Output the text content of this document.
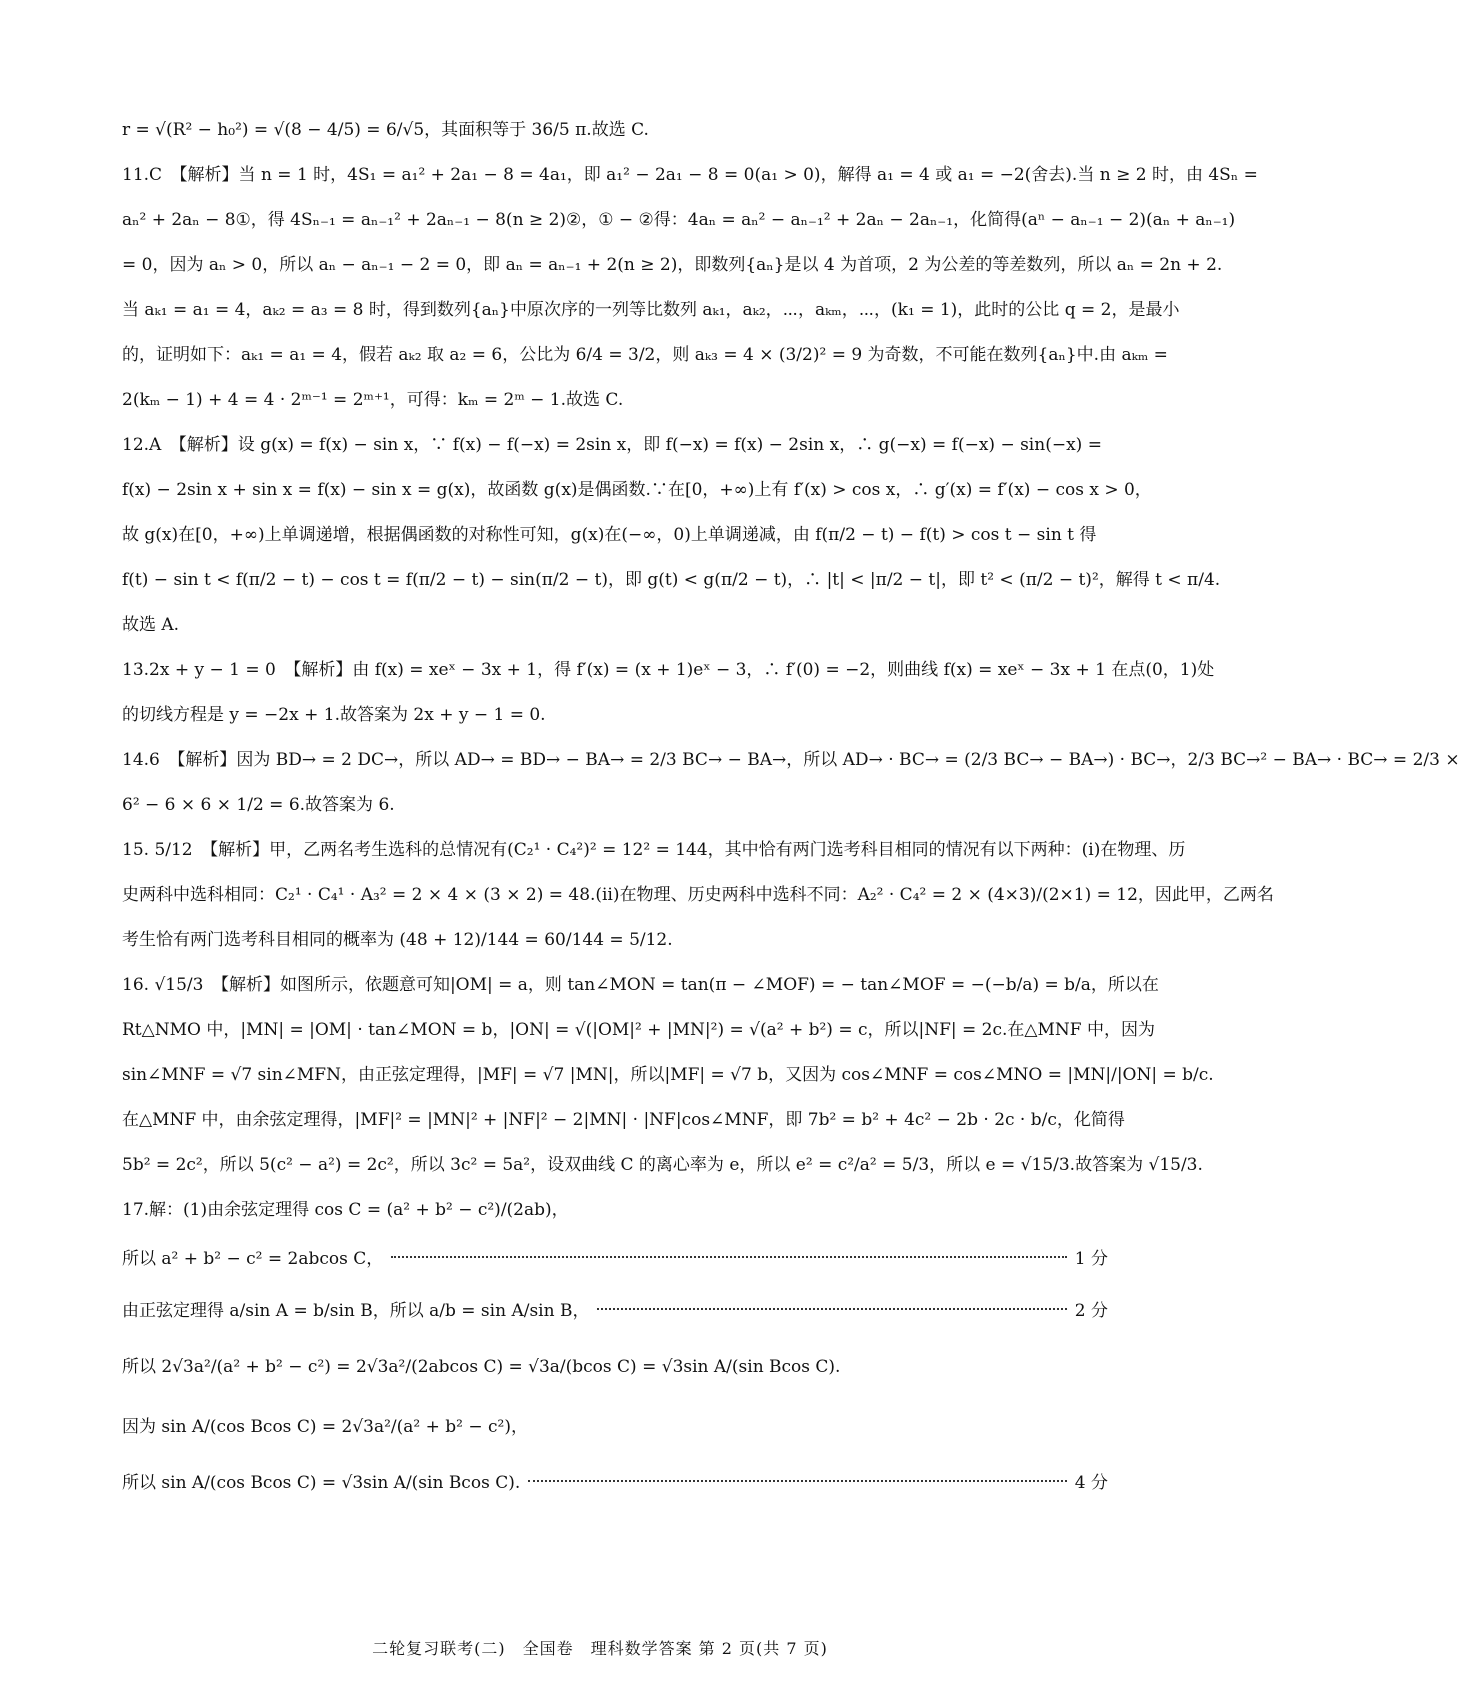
r = √(R² − h₀²) = √(8 − 4/5) = 6/√5，其面积等于 36/5 π.故选 C.
11.C　【解析】当 n = 1 时，4S₁ = a₁² + 2a₁ − 8 = 4a₁，即 a₁² − 2a₁ − 8 = 0(a₁ > 0)，解得 a₁ = 4 或 a₁ = −2(舍去).当 n ≥ 2 时，由 4Sₙ =
aₙ² + 2aₙ − 8①，得 4Sₙ₋₁ = aₙ₋₁² + 2aₙ₋₁ − 8(n ≥ 2)②，① − ②得：4aₙ = aₙ² − aₙ₋₁² + 2aₙ − 2aₙ₋₁，化简得(aⁿ − aₙ₋₁ − 2)(aₙ + aₙ₋₁)
= 0，因为 aₙ > 0，所以 aₙ − aₙ₋₁ − 2 = 0，即 aₙ = aₙ₋₁ + 2(n ≥ 2)，即数列{aₙ}是以 4 为首项，2 为公差的等差数列，所以 aₙ = 2n + 2.
当 aₖ₁ = a₁ = 4，aₖ₂ = a₃ = 8 时，得到数列{aₙ}中原次序的一列等比数列 aₖ₁，aₖ₂，⋯，aₖₘ，⋯，(k₁ = 1)，此时的公比 q = 2，是最小
的，证明如下：aₖ₁ = a₁ = 4，假若 aₖ₂ 取 a₂ = 6，公比为 6/4 = 3/2，则 aₖ₃ = 4 × (3/2)² = 9 为奇数，不可能在数列{aₙ}中.由 aₖₘ =
2(kₘ − 1) + 4 = 4 · 2ᵐ⁻¹ = 2ᵐ⁺¹，可得：kₘ = 2ᵐ − 1.故选 C.
12.A　【解析】设 g(x) = f(x) − sin x，∵ f(x) − f(−x) = 2sin x，即 f(−x) = f(x) − 2sin x，∴ g(−x) = f(−x) − sin(−x) =
f(x) − 2sin x + sin x = f(x) − sin x = g(x)，故函数 g(x)是偶函数.∵在[0，+∞)上有 f′(x) > cos x，∴ g′(x) = f′(x) − cos x > 0，
故 g(x)在[0，+∞)上单调递增，根据偶函数的对称性可知，g(x)在(−∞，0)上单调递减，由 f(π/2 − t) − f(t) > cos t − sin t 得
f(t) − sin t < f(π/2 − t) − cos t = f(π/2 − t) − sin(π/2 − t)，即 g(t) < g(π/2 − t)，∴ |t| < |π/2 − t|，即 t² < (π/2 − t)²，解得 t < π/4.
故选 A.
13.2x + y − 1 = 0　【解析】由 f(x) = xeˣ − 3x + 1，得 f′(x) = (x + 1)eˣ − 3，∴ f′(0) = −2，则曲线 f(x) = xeˣ − 3x + 1 在点(0，1)处
的切线方程是 y = −2x + 1.故答案为 2x + y − 1 = 0.
14.6　【解析】因为 BD→ = 2 DC→，所以 AD→ = BD→ − BA→ = 2/3 BC→ − BA→，所以 AD→ · BC→ = (2/3 BC→ − BA→) · BC→，2/3 BC→² − BA→ · BC→ = 2/3 ×
6² − 6 × 6 × 1/2 = 6.故答案为 6.
15. 5/12　【解析】甲，乙两名考生选科的总情况有(C₂¹ · C₄²)² = 12² = 144，其中恰有两门选考科目相同的情况有以下两种：(ⅰ)在物理、历
史两科中选科相同：C₂¹ · C₄¹ · A₃² = 2 × 4 × (3 × 2) = 48.(ⅱ)在物理、历史两科中选科不同：A₂² · C₄² = 2 × (4×3)/(2×1) = 12，因此甲，乙两名
考生恰有两门选考科目相同的概率为 (48 + 12)/144 = 60/144 = 5/12.
16. √15/3　【解析】如图所示，依题意可知|OM| = a，则 tan∠MON = tan(π − ∠MOF) = − tan∠MOF = −(−b/a) = b/a，所以在
Rt△NMO 中，|MN| = |OM| · tan∠MON = b，|ON| = √(|OM|² + |MN|²) = √(a² + b²) = c，所以|NF| = 2c.在△MNF 中，因为
sin∠MNF = √7 sin∠MFN，由正弦定理得，|MF| = √7 |MN|，所以|MF| = √7 b，又因为 cos∠MNF = cos∠MNO = |MN|/|ON| = b/c.
在△MNF 中，由余弦定理得，|MF|² = |MN|² + |NF|² − 2|MN| · |NF|cos∠MNF，即 7b² = b² + 4c² − 2b · 2c · b/c，化简得
5b² = 2c²，所以 5(c² − a²) = 2c²，所以 3c² = 5a²，设双曲线 C 的离心率为 e，所以 e² = c²/a² = 5/3，所以 e = √15/3.故答案为 √15/3.
17.解：(1)由余弦定理得 cos C = (a² + b² − c²)/(2ab)，
所以 a² + b² − c² = 2abcos C，	1 分
由正弦定理得 a/sin A = b/sin B，所以 a/b = sin A/sin B，	2 分
所以 2√3a²/(a² + b² − c²) = 2√3a²/(2abcos C) = √3a/(bcos C) = √3sin A/(sin Bcos C).
因为 sin A/(cos Bcos C) = 2√3a²/(a² + b² − c²)，
所以 sin A/(cos Bcos C) = √3sin A/(sin Bcos C).	4 分
二轮复习联考(二)　全国卷　理科数学答案 第 2 页(共 7 页)
